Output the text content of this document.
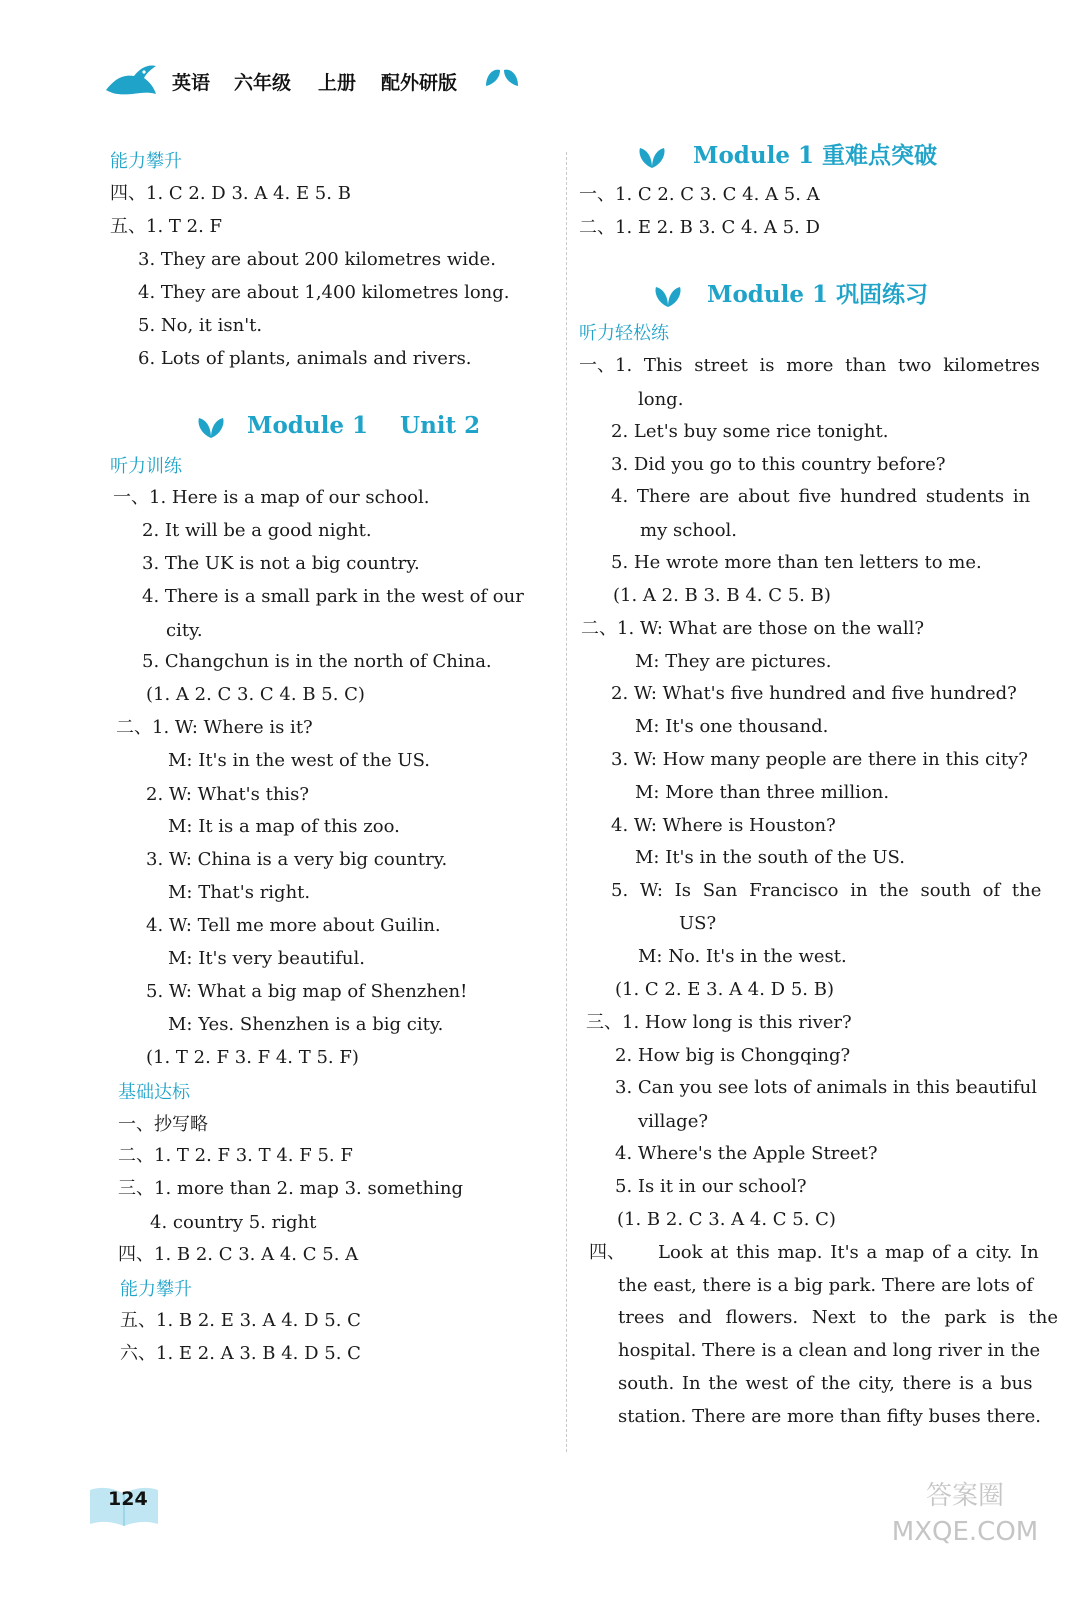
英语 六年级 上册 配外研版
能力攀升
四、1. C 2. D 3. A 4. E 5. B
五、1. T 2. F
3. They are about 200 kilometres wide.
4. They are about 1,400 kilometres long.
5. No, it isn't.
6. Lots of plants, animals and rivers.
Module 1    Unit 2
听力训练
一、1. Here is a map of our school.
2. It will be a good night.
3. The UK is not a big country.
4. There is a small park in the west of our
city.
5. Changchun is in the north of China.
(1. A 2. C 3. C 4. B 5. C)
二、1. W: Where is it?
M: It's in the west of the US.
2. W: What's this?
M: It is a map of this zoo.
3. W: China is a very big country.
M: That's right.
4. W: Tell me more about Guilin.
M: It's very beautiful.
5. W: What a big map of Shenzhen!
M: Yes. Shenzhen is a big city.
(1. T 2. F 3. F 4. T 5. F)
基础达标
一、抄写略
二、1. T 2. F 3. T 4. F 5. F
三、1. more than 2. map 3. something
4. country 5. right
四、1. B 2. C 3. A 4. C 5. A
能力攀升
五、1. B 2. E 3. A 4. D 5. C
六、1. E 2. A 3. B 4. D 5. C
Module 1 重难点突破
一、1. C 2. C 3. C 4. A 5. A
二、1. E 2. B 3. C 4. A 5. D
Module 1 巩固练习
听力轻松练
一、1. This street is more than two kilometres
long.
2. Let's buy some rice tonight.
3. Did you go to this country before?
4. There are about five hundred students in
my school.
5. He wrote more than ten letters to me.
(1. A 2. B 3. B 4. C 5. B)
二、1. W: What are those on the wall?
M: They are pictures.
2. W: What's five hundred and five hundred?
M: It's one thousand.
3. W: How many people are there in this city?
M: More than three million.
4. W: Where is Houston?
M: It's in the south of the US.
5. W: Is San Francisco in the south of the
US?
M: No. It's in the west.
(1. C 2. E 3. A 4. D 5. B)
三、1. How long is this river?
2. How big is Chongqing?
3. Can you see lots of animals in this beautiful
village?
4. Where's the Apple Street?
5. Is it in our school?
(1. B 2. C 3. A 4. C 5. C)
四、 Look at this map. It's a map of a city. In
the east, there is a big park. There are lots of
trees and flowers. Next to the park is the
hospital. There is a clean and long river in the
south. In the west of the city, there is a bus
station. There are more than fifty buses there.
124	答案圈 MXQE.COM
